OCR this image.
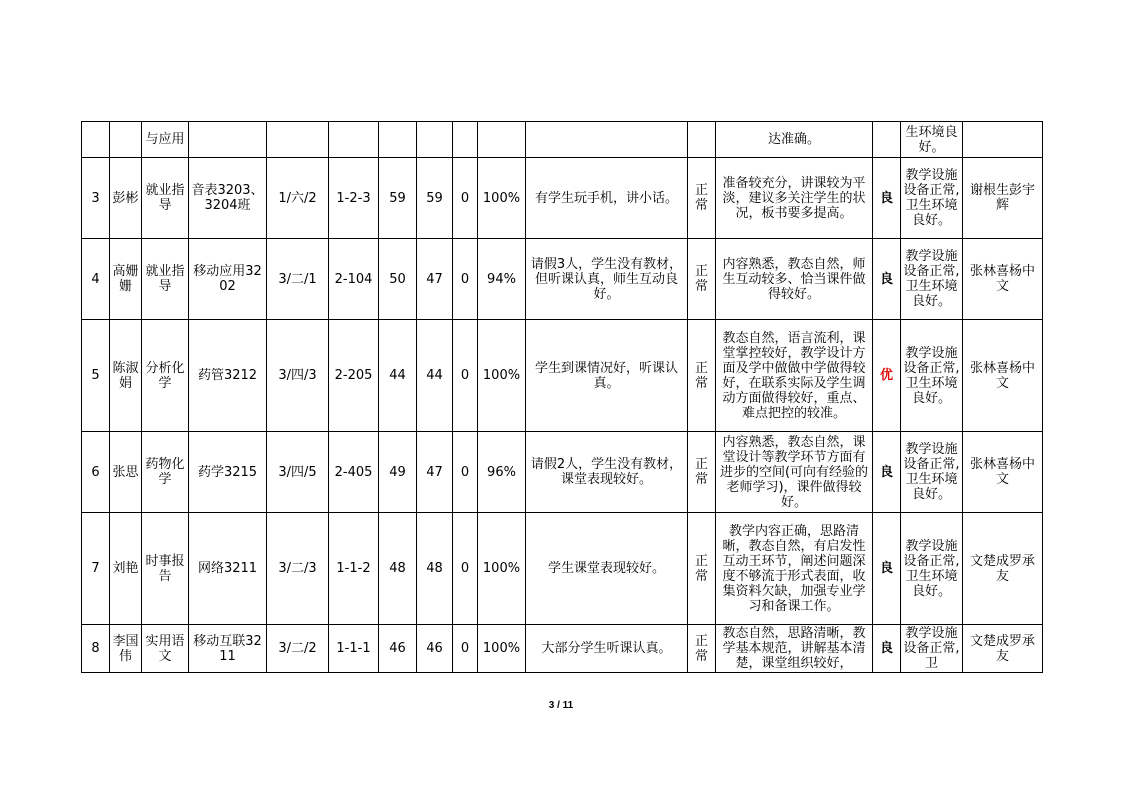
		与应用										达准确。		生环境良好。	
3	彭彬	就业指导	音表3203、3204班	1/六/2	1-2-3	59	59	0	100%	有学生玩手机，讲小话。	正常	准备较充分，讲课较为平淡，建议多关注学生的状况，板书要多提高。	良	教学设施设备正常,卫生环境良好。	谢根生彭宇辉
4	高姗姗	就业指导	移动应用3202	3/二/1	2-104	50	47	0	94%	请假3人，学生没有教材，但听课认真，师生互动良好。	正常	内容熟悉，教态自然，师生互动较多、恰当课件做得较好。	良	教学设施设备正常,卫生环境良好。	张林喜杨中文
5	陈淑娟	分析化学	药管3212	3/四/3	2-205	44	44	0	100%	学生到课情况好，听课认真。	正常	教态自然，语言流利，课堂掌控较好，教学设计方面及学中做做中学做得较好，在联系实际及学生调动方面做得较好，重点、难点把控的较准。	优	教学设施设备正常,卫生环境良好。	张林喜杨中文
6	张思	药物化学	药学3215	3/四/5	2-405	49	47	0	96%	请假2人，学生没有教材，课堂表现较好。	正常	内容熟悉，教态自然，课堂设计等教学环节方面有进步的空间(可向有经验的老师学习)，课件做得较好。	良	教学设施设备正常,卫生环境良好。	张林喜杨中文
7	刘艳	时事报告	网络3211	3/二/3	1-1-2	48	48	0	100%	学生课堂表现较好。	正常	教学内容正确，思路清晰，教态自然，有启发性互动王环节，阐述问题深度不够流于形式表面，收集资料欠缺，加强专业学习和备课工作。	良	教学设施设备正常,卫生环境良好。	文楚成罗承友
8	李国伟	实用语文	移动互联3211	3/二/2	1-1-1	46	46	0	100%	大部分学生听课认真。	正常	教态自然，思路清晰，教学基本规范，讲解基本清楚，课堂组织较好，	良	教学设施设备正常,卫	文楚成罗承友
3 / 11
